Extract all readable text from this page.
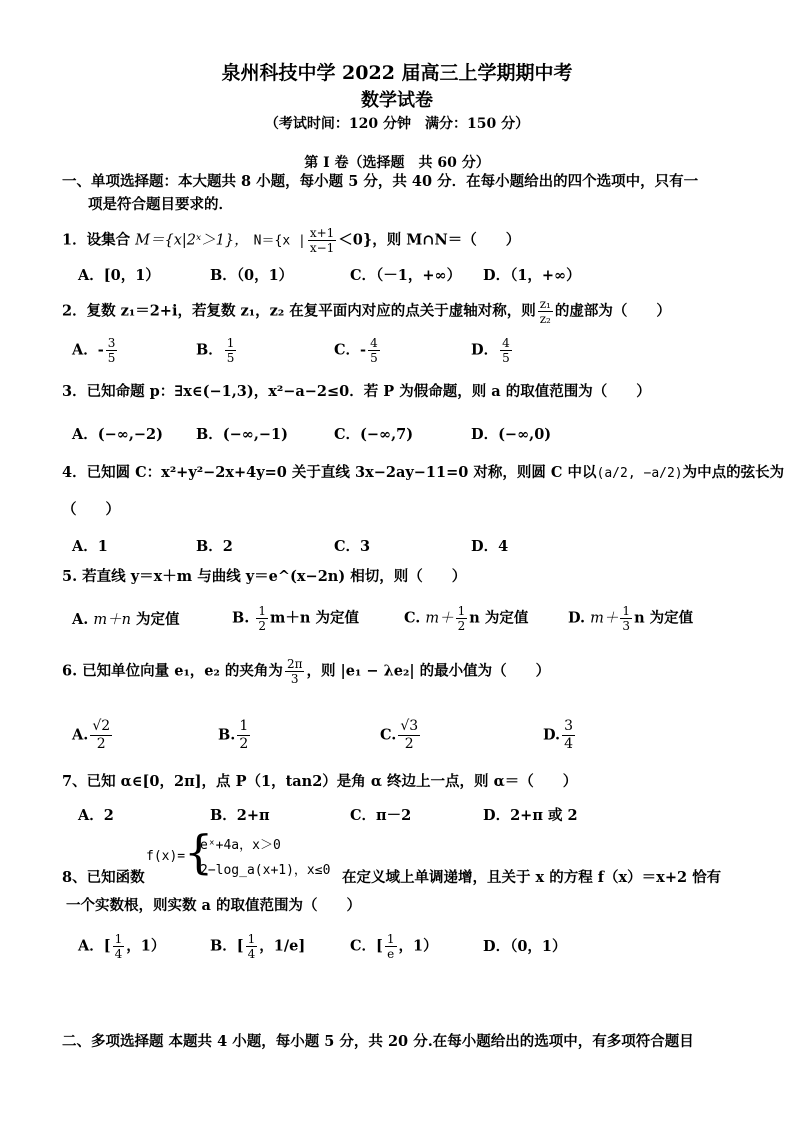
泉州科技中学 2022 届高三上学期期中考
数学试卷
（考试时间：120 分钟　满分：150 分）
第 I 卷（选择题　共 60 分）
一、单项选择题：本大题共 8 小题，每小题 5 分，共 40 分．在每小题给出的四个选项中，只有一
项是符合题目要求的．
1．设集合 M＝{x|2ˣ＞1}， N＝{x | $\frac{x+1}{x-1} <0$}，则 M∩N＝（　　）
A．[0，1）	B．（0，1）	C．（－1，+∞） D．（1，+∞）
2．复数 z₁＝2+i，若复数 z₁，z₂ 在复平面内对应的点关于虚轴对称，则 $\frac{\text{z₁}}{\text{z₂}}$ 的虚部为（　　）
A．- $\frac{3}{5}$	B． $\frac{1}{5}$	C．- $\frac{4}{5}$	D． $\frac{4}{5}$
3．已知命题 p：∃x∈(−1,3)，x²−a−2≤0．若 P 为假命题，则 a 的取值范围为（　　）
A．(−∞,−2) B．(−∞,−1)	C．(−∞,7)	D．(−∞,0)
4．已知圆 C：x²+y²−2x+4y=0 关于直线 3x−2ay−11=0 对称，则圆 C 中以(a/2, −a/2)为中点的弦长为
（　　）
A．1	B．2	C．3	D．4
5. 若直线 y＝x＋m 与曲线 y＝e^(x−2n) 相切，则（　　）
A. m＋n 为定值	B. $\frac{1}{2} m+n$ 为定值	C. $m+ \frac{1}{2}$ n 为定值	D. $m+ \frac{1}{3}$ n 为定值
6. 已知单位向量 e₁，e₂ 的夹角为 $\frac{2\pi}{3}$ ，则 |e₁ − λe₂| 的最小值为（　　）
A. $\frac{√2}{2}$	B. $\frac{1}{2}$	C. $\frac{√3}{2}$	D. $\frac{3}{4}$
7、已知 α∈[0，2π]，点 P（1，tan2）是角 α 终边上一点，则 α＝（　　）
A．2	B．2+π	C．π－2	D．2+π 或 2
f(x)=
{
eˣ+4a，x＞0
2−log_a(x+1)，x≤0
8、已知函数	在定义域上单调递增，且关于 x 的方程 f（x）＝x+2 恰有
一个实数根，则实数 a 的取值范围为（　　）
A．[ $\frac{1}{4}$ ，1）	B．[ $\frac{1}{4}$ ，1/e]	C．[ $\frac{1}{e}$ ，1）	D．（0，1）
二、多项选择题 本题共 4 小题，每小题 5 分，共 20 分.在每小题给出的选项中，有多项符合题目
